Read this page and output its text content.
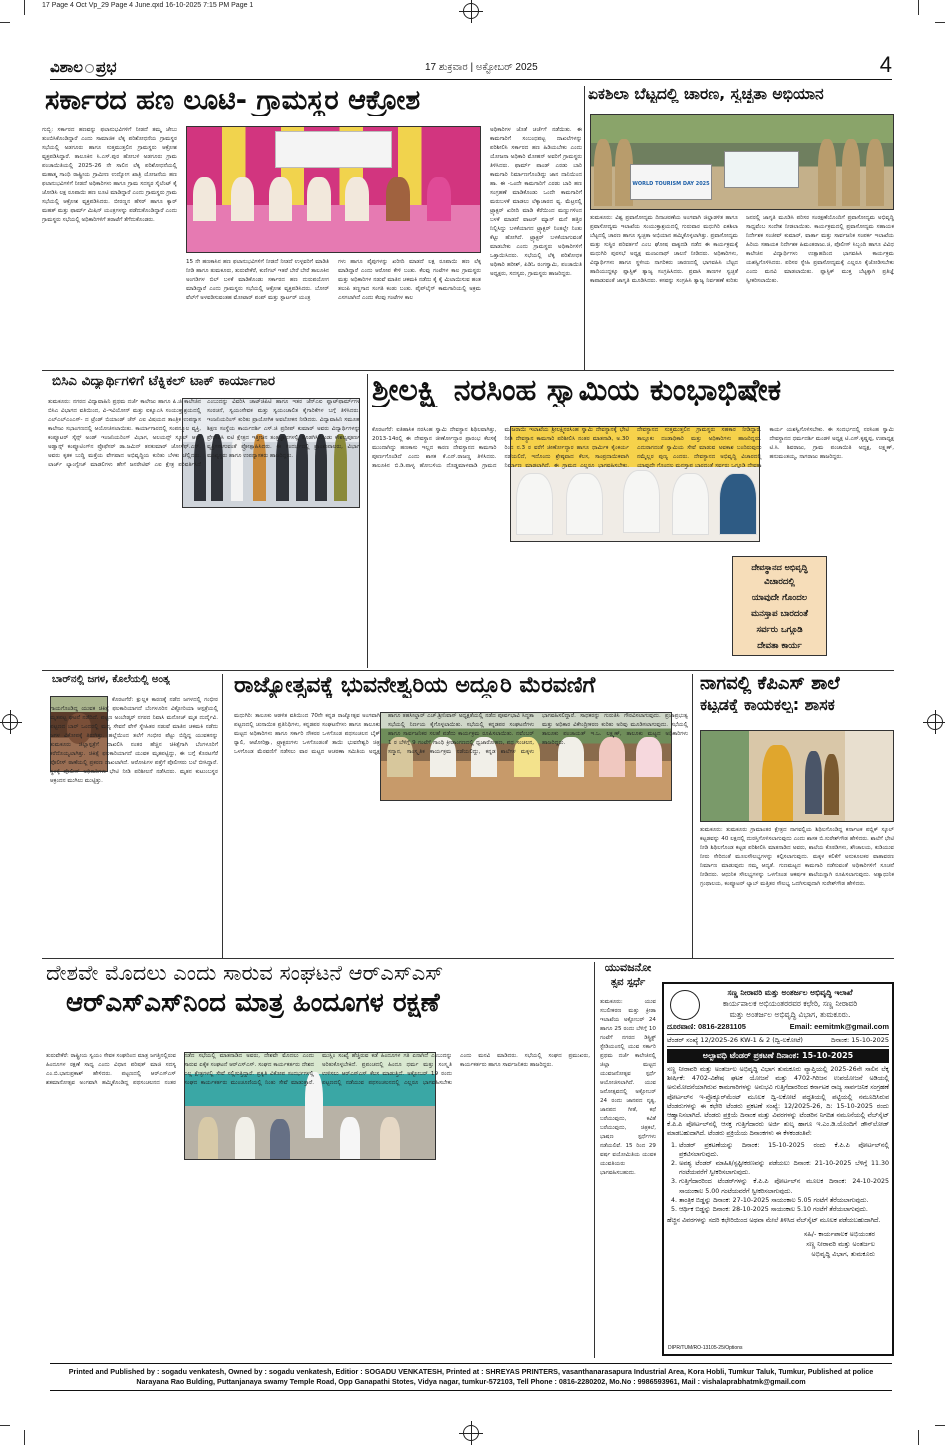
17 Page 4 Oct Vp_29 Page 4 June.qxd 16-10-2025 7:15 PM Page 1
ವಿಶಾಲ ಪ್ರಭ	17 ಶುಕ್ರವಾರ | ಅಕ್ಟೋಬರ್ 2025	4
ಸರ್ಕಾರದ ಹಣ ಲೂಟಿ- ಗ್ರಾಮಸ್ಥರ ಆಕ್ರೋಶ
ಗುಬ್ಬಿ: ಸರ್ಕಾರದ ಹಣವನ್ನು ಫಲಾನುಭವಿಗಳಿಗೆ ನೀಡದೆ ತಮ್ಮ ಜೇಬು ತುಂಬಿಸಿಕೊಂಡಿದ್ದಾರೆ ಎಂದು ಸಾಮಾಜಿಕ ಲೆಕ್ಕ ಪರಿಶೋಧನೆಯ ಗ್ರಾಮಸ್ಥರ ಸಭೆಯಲ್ಲಿ ಅಡಗೂರು ಹಾಗೂ ಸುತ್ತಮುತ್ತಲಿನ ಗ್ರಾಮಸ್ಥರು ಆಕ್ರೋಶ ವ್ಯಕ್ತಪಡಿಸಿದ್ದಾರೆ. ತಾಲೂಕಿನ ಸಿ.ಎಸ್.ಪುರ ಹೋಬಳಿ ಅಡಗೂರು ಗ್ರಾಮ ಪಂಚಾಯಿತಿಯಲ್ಲಿ 2025-26 ನೇ ಸಾಲಿನ ಲೆಕ್ಕ ಪರಿಶೋಧನೆಯಲ್ಲಿ ಮಹಾತ್ಮ ಗಾಂಧಿ ರಾಷ್ಟ್ರೀಯ ಗ್ರಾಮೀಣ ಉದ್ಯೋಗ ಖಾತ್ರಿ ಯೋಜನೆಯ ಹಣ ಫಲಾನುಭವಿಗಳಿಗೆ ನೀಡದೆ ಅಧಿಕಾರಿಗಳು ಹಾಗೂ ಗ್ರಾಮ ಸದಸ್ಯರ ಸೈಲೆಂಟ್ ಕೈ ಜೋಡಿಸಿ ಲಕ್ಷ ರೂಪಾಯಿ ಹಣ ಲೂಟಿ ಮಾಡಿದ್ದಾರೆ ಎಂದು ಗ್ರಾಮಸ್ಥರು ಗ್ರಾಮ ಸಭೆಯಲ್ಲಿ ಆಕ್ರೋಶ ವ್ಯಕ್ತಪಡಿಸಿದರು. ಬೀರಣ್ಣನ ಹೆಸರ್ ಹಾಗೂ ಕ್ಯಾರ್ ಮಹತ್ ಮತ್ತು ಫಾರ್ಮ್ ಮಿಷಿನ್ ಯಂತ್ರಗಳನ್ನು ಪಡೆದುಕೊಂಡಿದ್ದಾರೆ ಎಂದು ಗ್ರಾಮಸ್ಥರು ಸಭೆಯಲ್ಲಿ ಅಧಿಕಾರಿಗಳಿಗೆ ತರಾಟೆಗೆ ತೆಗೆದುಕೊಂಡರು.
15 ನೇ ಹಣಕಾಸಿನ ಹಣ ಫಲಾನುಭವಿಗಳಿಗೆ ನೀಡದೆ ನೀಡದೆ ಉಳ್ಳವರಿಗೆ ಮಾಡಿತಿ ನೀಡಿ ಹಾಗೂ ತುಮಕೂರು, ತುರುವೇಕೆರೆ, ಕುಣಿಗಲ್ ಇತರೆ ಬೇರೆ ಬೇರೆ ತಾಲೂಕಿನ ಅಂಗಡಿಗಳ ಬಿಲ್ ಬಳಕೆ ಮಾಡಿಕೊಂಡು ಸರ್ಕಾರದ ಹಣ ದುರುಪಯೋಗ ಮಾಡಿದ್ದಾರೆ ಎಂದು ಗ್ರಾಮಸ್ಥರು ಸಭೆಯಲ್ಲಿ ಆಕ್ರೋಶ ವ್ಯಕ್ತಪಡಿಸಿದರು. ಬೋರ್ ವೆಲ್‌ಗೆ ಅಳವಡಿಸುವಂತಹ ಮೋಟಾರ್ ಪಂಪ್ ಮತ್ತು ಸ್ಟಾರ್ಟರ್ ಯಂತ್ರ
ಗಳು ಹಾಗೂ ಪೈಪುಗಳನ್ನು ಖರೀದಿ ಮಾಡದೆ ಲಕ್ಷ ರೂಪಾಯಿ ಹಣ ಲೆಕ್ಕ ಮಾಡಿದ್ದಾರೆ ಎಂದು ಆರೋಪ ಕೇಳಿ ಬಂತು. ಕೆಲವು ಗಂಟೆಗಳ ಕಾಲ ಗ್ರಾಮಸ್ಥರು ಮತ್ತು ಅಧಿಕಾರಿಗಳ ನಡುವೆ ಮಾತಿನ ಚಕಮಕಿ ನಡೆದು ಕೈ ಕೈ ಮಿಲಾಯಿಸುವ ಹಂತ ತಲುಪಿ ತಣ್ಣಗಾದ ಸಂಗತಿ ಕಂಡು ಬಂತು. ಪೈಪ್‌ಲೈನ್ ಕಾಮಗಾರಿಯಲ್ಲಿ ಅಕ್ರಮ ಎಸಗಲಾಗಿದೆ ಎಂದು ಕೆಲವು ಗಂಟೆಗಳ ಕಾಲ
ಅಧಿಕಾರಿಗಳ ಜೊತೆ ಚರ್ಚೆಗೆ ನಡೆಯಿತು. ಈ ಕಾಮಗಾರಿಗೆ ಸಂಬಂಧಪಟ್ಟ ದಾಖಲೆಗಳನ್ನು ಪರಿಶೀಲಿಸಿ ಸರ್ಕಾರದ ಹಣ ಹಿಡಿಯಬೇಕು ಎಂದು ಯೋಜನಾ ಅಧಿಕಾರಿ ಮೋಹನ್ ಅವರಿಗೆ ಗ್ರಾಮಸ್ಥರು ತಿಳಿಸಿದರು. ಫಾರ್ಮ್ ಪಾಂಡ್ ಎರಡು ಬಾರಿ ಕಾಮಗಾರಿ ನಿರ್ಮಾಣಗೊಂಡಿದ್ದು ಜಾನ ದಾನಿಯಿಂದ ಹಾ. ಈ -ಒಂದೇ ಕಾಮಗಾರಿಗೆ ಎರಡು ಬಾರಿ ಹಣ ಸಂಗ್ರಹಣೆ ಮಾಡಿಕೊಂಡು ಒಂದೇ ಕಾಮಗಾರಿಗೆ ಮರುಬಳಕೆ ಮಾಡಲು ಲೆಕ್ಕಾಚಾರದ ವ್ಯ. ಮೆಟ್ರನಲ್ಲಿ ಟ್ರ್ಯಾಕ್ಟರ್ ಖರೀದಿ ಮಾಡಿ ಕೆರೆಯಿಂದ ಮಣ್ಣುಗಳಿಂದ ಬಳಕೆ ಮಾಡದೆ ವಾಟರ್ ಮ್ಯಾನ್ ಮನೆ ಹತ್ತಿರ ನಿಲ್ಲಿಸಿದ್ದು ಬಳಕೆಯಾಗದ ಟ್ರ್ಯಾಕ್ಟರ್ ನಿಂತಲ್ಲೇ ನಿಂತು ಕೆಟ್ಟು ಹೋಗಿದೆ. ಟ್ರ್ಯಾಕ್ಟರ್ ಬಳಕೆಯಾಗುವಂತೆ ಮಾಡಬೇಕು ಎಂದು ಗ್ರಾಮಸ್ಥರು ಅಧಿಕಾರಿಗಳಿಗೆ ಒತ್ತಾಯಿಸಿದರು. ಸಭೆಯಲ್ಲಿ ಲೆಕ್ಕ ಪರಿಶೋಧಕ ಅಧಿಕಾರಿ ಹರೀಶ್, ಪಿಡಿಓ ರಂಗಸ್ವಾಮಿ, ಪಂಚಾಯಿತಿ ಅಧ್ಯಕ್ಷರು, ಸದಸ್ಯರು, ಗ್ರಾಮಸ್ಥರು ಹಾಜರಿದ್ದರು.
ಏಕಶಿಲಾ ಬೆಟ್ಟದಲ್ಲಿ ಚಾರಣ, ಸ್ವಚ್ಛತಾ ಅಭಿಯಾನ
WORLD TOURISM DAY 2025
ತುಮಕೂರು: ವಿಶ್ವ ಪ್ರವಾಸೋದ್ಯಮ ದಿನಾಚರಣೆಯ ಅಂಗವಾಗಿ ಜಿಲ್ಲಾಡಳಿತ ಹಾಗೂ ಪ್ರವಾಸೋದ್ಯಮ ಇಲಾಖೆಯ ಸಂಯುಕ್ತಾಶ್ರಯದಲ್ಲಿ ಗುರುವಾರ ಮಧುಗಿರಿ ಏಕಶಿಲಾ ಬೆಟ್ಟದಲ್ಲಿ ಚಾರಣ ಹಾಗೂ ಸ್ವಚ್ಛತಾ ಅಭಿಯಾನ ಹಮ್ಮಿಕೊಳ್ಳಲಾಗಿತ್ತು. ಪ್ರವಾಸೋದ್ಯಮ ಮತ್ತು ಸುಸ್ಥಿರ ಪರಿವರ್ತನೆ ಎಂಬ ಘೋಷ ವಾಕ್ಯದಡಿ ನಡೆದ ಈ ಕಾರ್ಯಕ್ರಮಕ್ಕೆ ಮಧುಗಿರಿ ಪುರಸಭೆ ಅಧ್ಯಕ್ಷ ಮಂಜುನಾಥ್ ಚಾಲನೆ ನೀಡಿದರು. ಅಧಿಕಾರಿಗಳು, ವಿದ್ಯಾರ್ಥಿಗಳು ಹಾಗೂ ಸ್ಥಳೀಯ ನಾಗರಿಕರು ಚಾರಣದಲ್ಲಿ ಭಾಗವಹಿಸಿ ಬೆಟ್ಟದ ಹಾದಿಯುದ್ದಕ್ಕೂ ಪ್ಲಾಸ್ಟಿಕ್ ತ್ಯಾಜ್ಯ ಸಂಗ್ರಹಿಸಿದರು. ಪ್ರವಾಸಿ ತಾಣಗಳ ಸ್ವಚ್ಛತೆ ಕಾಪಾಡುವಂತೆ ಜಾಗೃತಿ ಮೂಡಿಸಿದರು. ಕಸವನ್ನು ಸಂಗ್ರಹಿಸಿ ತ್ಯಾಜ್ಯ ನಿರ್ವಹಣೆ ಕುರಿತು ಜನರಲ್ಲಿ ಜಾಗೃತಿ ಮೂಡಿಸಿ ಪರಿಸರ ಸಂರಕ್ಷಣೆಯೊಂದಿಗೆ ಪ್ರವಾಸೋದ್ಯಮ ಅಭಿವೃದ್ಧಿ ಸಾಧ್ಯವೆಂಬ ಸಂದೇಶ ನೀಡಲಾಯಿತು. ಕಾರ್ಯಕ್ರಮದಲ್ಲಿ ಪ್ರವಾಸೋದ್ಯಮ ಸಹಾಯಕ ನಿರ್ದೇಶಕ ಸಂಜೀವ್ ಕುಮಾರ್, ವಾರ್ತಾ ಮತ್ತು ಸಾರ್ವಜನಿಕ ಸಂಪರ್ಕ ಇಲಾಖೆಯ ಹಿರಿಯ ಸಹಾಯಕ ನಿರ್ದೇಶಕ ಹಿಮಂತರಾಜು.ಜಿ, ಪೊಲೀಸ್ ಸಿಬ್ಬಂದಿ ಹಾಗೂ ವಿವಿಧ ಕಾಲೇಜಿನ ವಿದ್ಯಾರ್ಥಿಗಳು ಉತ್ಸಾಹದಿಂದ ಭಾಗವಹಿಸಿ ಕಾರ್ಯಕ್ರಮ ಯಶಸ್ವಿಗೊಳಿಸಿದರು. ಪರಿಸರ ಸ್ನೇಹಿ ಪ್ರವಾಸೋದ್ಯಮಕ್ಕೆ ಎಲ್ಲರೂ ಕೈಜೋಡಿಸಬೇಕು ಎಂದು ಮನವಿ ಮಾಡಲಾಯಿತು. ಪ್ಲಾಸ್ಟಿಕ್ ಮುಕ್ತ ಬೆಟ್ಟಕ್ಕಾಗಿ ಪ್ರತಿಜ್ಞೆ ಸ್ವೀಕರಿಸಲಾಯಿತು.
ಬಿಸಿಎ ವಿದ್ಯಾರ್ಥಿಗಳಿಗೆ ಟೆಕ್ನಿಕಲ್ ಟಾಕ್ ಕಾರ್ಯಾಗಾರ
ತುಮಕೂರು: ನಗರದ ವಿದ್ಯಾವಾಹಿನಿ ಪ್ರಥಮ ದರ್ಜೆ ಕಾಲೇಜು ಹಾಗೂ ಪಿ.ಜಿ ಕಾಲೇಜಿನ ಬಿಸಿಎ ವಿಭಾಗದ ವತಿಯಿಂದ, ವಿ-ಇವಿಯೋನ್ ಮತ್ತು ಐಕ್ಯೂಎಸಿ ಸಂಯುಕ್ತಾಶ್ರಯದಲ್ಲಿ ಎಲ್‌ಎಲ್‌ಎಂಎಸ್- ದ ಟ್ರೆಂಡ್ ಬಿಯಾಂಡ್ ಚೆನ್ ಎಐ ವಿಷಯದ ತಾಂತ್ರಿಕ ಉಪನ್ಯಾಸ ಕಾಲೇಜು ಸಭಾಂಗಣದಲ್ಲಿ ಆಯೋಜಿಸಲಾಯಿತು. ಕಾರ್ಯಾಗಾರದಲ್ಲಿ ಸಂಪನ್ಮೂಲ ವ್ಯಕ್ತಿ, ಕಂಪ್ಯೂಟರ್ ಸೈನ್ಸ್ ಅಂಡ್ ಇಂಜನಿಯರಿಂಗ್ ವಿಭಾಗ, ಅಲಯನ್ಸ್ ಸ್ಕೂಲ್ ಆಫ್ ಅಡ್ವಾನ್ಸ್ ಕಂಪ್ಯೂಟಿಂಗ್‌ನ ಪ್ರೊಫೆಸರ್ ಡಾ.ಜಮಿನ್ ತನಕುಮಾರ್ ಜೋಸೆಫ್.ಎನ್. ಅವರು ಕೃತಕ ಬುದ್ಧಿ ಮತ್ತೆಯ ವೇಗವಾದ ಅಭಿವೃದ್ಧಿಯ ಕುರಿತು ಬೆಳಕು ಚೆಲ್ಲಿದರು. ಲಾರ್ಜ್ ಲ್ಯಾಂಗ್ವೇಜ್ ಮಾಡಲಿಗಳು ಹೇಗೆ ಜನರೇಟಿವ್ ಎಐ ಕ್ಷೇತ್ರ ಪರಿವರ್ತಿಸಿದೆ ಎಂಬುದನ್ನು ವಿವರಿಸಿ ಚಾಟ್‌ಜಿಪಿಟಿ ಹಾಗೂ ಇತರ ಜೆನ್‌ಎಐ ಪ್ಲಾಟ್‌ಫಾರ್ಮ್‌ಗಳ ಸಂರಚನೆ, ಸ್ವಯಂಸೇವಕ ಮತ್ತು ಸ್ವಯಂಚಾಲಿತ ಕೈಗಾರಿಕೆಗಳ ಬಗ್ಗೆ ತಿಳಿಸಿದರು. ಇಂಜನಿಯರಿಂಗ್ ಕುರಿತು ಪ್ರಾಯೋಗಿಕ ಅವಲೋಕನ ನೀಡಿದರು. ವಿದ್ಯಾವಾಹಿನಿ ಸಮೂಹ ಶಿಕ್ಷಣ ಸಂಸ್ಥೆಯ ಕಾರ್ಯದರ್ಶಿ ಎಸ್.ಜಿ ಪ್ರದೀಪ್ ಕುಮಾರ್ ಅವರು ವಿದ್ಯಾರ್ಥಿಗಳನ್ನು ಪ್ರೇರೇಪಿಸಿ ಐಟಿ ಕ್ಷೇತ್ರದ ಇತ್ತೀಚಿನ ತಂತ್ರಜ್ಞಾನಗಳಲ್ಲಿ ತೊಡಗಿಸಿಕೊಂಡು ಕೌಶಲ್ಯಪೂರ್ಣ ವ್ಯಕ್ತಿಗಳಾಗುವಂತೆ ಪ್ರೋತ್ಸಾಹಿಸಿದರು. ಈ ಸಂದರ್ಭದಲ್ಲಿ ಪ್ರಾಂಶುಪಾಲರು, ವಿಭಾಗ ಮುಖ್ಯಸ್ಥರು ಹಾಗೂ ಉಪನ್ಯಾಸಕರು ಹಾಜರಿದ್ದರು.
ಶ್ರೀಲಕ್ಷ್ಮಿ ನರಸಿಂಹ ಸ್ವಾಮಿಯ ಕುಂಭಾಭಿಷೇಕ
ಕೊರಟಗೆರೆ: ಐತಿಹಾಸಿಕ ನರಸಿಂಹ ಸ್ವಾಮಿ ದೇವಸ್ಥಾನ ಶಿಥಿಲವಾಗಿತ್ತು, 2013-14ರಲ್ಲಿ ಈ ದೇವಸ್ಥಾನ ಜೀರ್ಣೋದ್ಧಾರ ಪ್ರಾರಂಭ ಕೆಲಸಕ್ಕೆ ಮುಂದಾಗಿದ್ದು ಹಣಕಾಸು ಇಲ್ಲದ ಕಾರಣ ದೇವಸ್ಥಾನದ ಕಾಮಗಾರಿ ಪೂರ್ಣಗೊಂಡಿದೆ ಎಂದು ಶಾಸಕ ಕೆ.ಎನ್.ರಾಜಣ್ಣ ತಿಳಿಸಿದರು. ತಾಲೂಕಿನ ಬಿ.ಡಿ.ಪಾಳ್ಯ ಹೋಬಳಿಯ ದೊಡ್ಡಮಾಳವಾಡಿ ಗ್ರಾಮದ ಮುಜರಾಯಿ ಇಲಾಖೆಯ ಶ್ರೀಲಕ್ಷ್ಮಿನರಸಿಂಹ ಸ್ವಾಮಿ ದೇವಸ್ಥಾನಕ್ಕೆ ಭೇಟಿ ನೀಡಿ ದೇವಸ್ಥಾನ ಕಾಮಗಾರಿ ಪರಿಶೀಲಿಸಿ ನಂತರ ಮಾತನಾಡಿ, ಅ.30 ರಿಂದ ನ.3 ರ ವರೆಗೆ ಜೀರ್ಣೋದ್ಧಾರ ಹಾಗೂ ಧಾರ್ಮಿಕ ಕೈಂಕರ್ಯ ನಡೆಯಲಿದೆ, ಇದೊಂದು ಶ್ರೇಷ್ಠವಾದ ಕೆಲಸ, ಸಾಂಪ್ರದಾಯಿಕವಾಗಿ ನಿರ್ಮಾಣ ಮಾಡಲಾಗಿದೆ. ಈ ಗ್ರಾಮದ ಎಲ್ಲರೂ ಭಾಗವಹಿಸಬೇಕು. ದೇವಸ್ಥಾನದ ಸುತ್ತಮುತ್ತಲಿನ ಗ್ರಾಮಸ್ಥರು ಸಹಕಾರ ನೀಡಿದ್ದಾರೆ. ತಾಲ್ಲೂಕು ದಂಡಾಧಿಕಾರಿ ಮತ್ತು ಅಧಿಕಾರಿಗಳು ಹಾಜರಿದ್ದರು. ಎದುರಾಗದಂತೆ ಸ್ವಾಮಿಯ ಸೇವೆ ಮಾಡುವ ಅವಕಾಶ ಬಂದಿರುವುದು ನಮ್ಮೆಲ್ಲರ ಪುಣ್ಯ ಎಂದರು. ದೇವಸ್ಥಾನದ ಅಭಿವೃದ್ಧಿ ವಿಚಾರದಲ್ಲಿ ಯಾವುದೇ ಗೊಂದಲ ಮನಸ್ತಾಪ ಬಾರದಂತೆ ಸರ್ವರು ಒಗ್ಗೂಡಿ ದೇವತಾ ಕಾರ್ಯ ಯಶಸ್ವಿಗೊಳಿಸಬೇಕು. ಈ ಸಂದರ್ಭದಲ್ಲಿ ನರಸಿಂಹ ಸ್ವಾಮಿ ದೇವಸ್ಥಾನದ ಧರ್ಮದರ್ಶಿ ಮಂಡಳಿ ಅಧ್ಯಕ್ಷ ಟಿ.ಎಸ್.ಕೃಷ್ಣಪ್ಪ, ಉಪಾಧ್ಯಕ್ಷ ಟಿ.ಸಿ. ಶಿವರಾಜು, ಗ್ರಾಮ ಪಂಚಾಯಿತಿ ಅಧ್ಯಕ್ಷ, ಲಕ್ಷ್ಮಣ್, ಹನುಮಂತಯ್ಯ, ನಾಗರಾಜು ಹಾಜರಿದ್ದರು.
ದೇವಸ್ಥಾನದ ಅಭಿವೃದ್ಧಿ
ವಿಚಾರದಲ್ಲಿ
ಯಾವುದೇ ಗೊಂದಲ
ಮನಸ್ತಾಪ ಬಾರದಂತೆ
ಸರ್ವರು ಒಗ್ಗೂಡಿ
ದೇವತಾ ಕಾರ್ಯ
ಬಾರ್‌ನಲ್ಲಿ ಜಗಳ, ಕೊಲೆಯಲ್ಲಿ ಅಂತ್ಯ
ಕೊರಟಗೆರೆ: ಕ್ಷುಲ್ಲಕ ಕಾರಣಕ್ಕೆ ನಡೆದ ಜಗಳದಲ್ಲಿ ಗಂಭೀರ ಗಾಯಗೊಂಡಿದ್ದ ಯುವಕ ಚಿಕಿತ್ಸೆ ಫಲಕಾರಿಯಾಗದೆ ಬೆಂಗಳೂರಿನ ವಿಕ್ಟೋರಿಯಾ ಆಸ್ಪತ್ರೆಯಲ್ಲಿ ಮೃತಪಟ್ಟ ಘಟನೆ ನಡೆದಿದೆ. ಪಟ್ಟಣ ಅಂಬೇಡ್ಕರ್ ನಗರದ ನಿವಾಸಿ ಮನೋಜ್ ಮೃತ ದುರ್ದೈವಿ. ಪಟ್ಟಣದ ಬಾರ್ ಒಂದರಲ್ಲಿ ಮದ್ಯ ಸೇವನೆ ವೇಳೆ ಸ್ನೇಹಿತರ ನಡುವೆ ಮಾತಿನ ಚಕಮಕಿ ನಡೆದು ಜಗಳ ವಿಕೋಪಕ್ಕೆ ತಿರುಗಿತ್ತು. ಹಲ್ಲೆಯಿಂದ ತಲೆಗೆ ಗಂಭೀರ ಪೆಟ್ಟು ಬಿದ್ದಿದ್ದ ಯುವಕನನ್ನು ತುಮಕೂರು ಜಿಲ್ಲಾಸ್ಪತ್ರೆಗೆ ದಾಖಲಿಸಿ ನಂತರ ಹೆಚ್ಚಿನ ಚಿಕಿತ್ಸೆಗಾಗಿ ಬೆಂಗಳೂರಿಗೆ ಕರೆದೊಯ್ಯಲಾಗಿತ್ತು. ಚಿಕಿತ್ಸೆ ಫಲಕಾರಿಯಾಗದೆ ಯುವಕ ಮೃತಪಟ್ಟಿದ್ದು, ಈ ಬಗ್ಗೆ ಕೊರಟಗೆರೆ ಪೊಲೀಸ್ ಠಾಣೆಯಲ್ಲಿ ಪ್ರಕರಣ ದಾಖಲಾಗಿದೆ. ಆರೋಪಿಗಳ ಪತ್ತೆಗೆ ಪೊಲೀಸರು ಬಲೆ ಬೀಸಿದ್ದಾರೆ. ಸ್ಥಳಕ್ಕೆ ಪೊಲೀಸ್ ಅಧಿಕಾರಿಗಳು ಭೇಟಿ ನೀಡಿ ಪರಿಶೀಲನೆ ನಡೆಸಿದರು. ಮೃತನ ಕುಟುಂಬಸ್ಥರ ಆಕ್ರಂದನ ಮುಗಿಲು ಮುಟ್ಟಿತ್ತು.
ರಾಜ್ಯೋತ್ಸವಕ್ಕೆ ಭುವನೇಶ್ವರಿಯ ಅದ್ದೂರಿ ಮೆರವಣಿಗೆ
ಮಧುಗಿರಿ: ತಾಲೂಕು ಆಡಳಿತ ವತಿಯಿಂದ 70ನೇ ಕನ್ನಡ ರಾಜ್ಯೋತ್ಸವ ಅಂಗವಾಗಿ ಪಟ್ಟಣದಲ್ಲಿ ಚುನಾಯಿತ ಪ್ರತಿನಿಧಿಗಳು, ಕನ್ನಡಪರ ಸಂಘಟನೆಗಳು ಹಾಗೂ ತಾಲೂಕು ಮಟ್ಟದ ಅಧಿಕಾರಿಗಳು ಹಾಗೂ ಸರ್ಕಾರಿ ನೌಕರರ ಒಳಗೊಂಡ ಪಥಸಂಚಲನ ಬೈಕ್ ರ್‍ಯಾಲಿ, ಆಟೋರಿಕ್ಷಾ, ಟ್ರ್ಯಾಕ್ಟರುಗಳು ಒಳಗೊಂಡಂತೆ ತಾಯಿ ಭುವನೇಶ್ವರಿ ಚಿತ್ರ ಒಳಗೊಂಡ ಮೆರವಣಿಗೆ ನಡೆಸಲು ವಾರ ಮಟ್ಟದ ಆಚರಣಾ ಸಮಿತಿಯ ಅಧ್ಯಕ್ಷ ಹಾಗೂ ತಹಸೀಲ್ದಾರ್ ಎಚ್.ಶ್ರೀನಿವಾಸ್ ಅಧ್ಯಕ್ಷತೆಯಲ್ಲಿ ನಡೆದ ಪೂರ್ವಭಾವಿ ಸಿದ್ಧತಾ ಸಭೆಯಲ್ಲಿ ನಿರ್ಣಯ ಕೈಗೊಳ್ಳಲಾಯಿತು. ಸಭೆಯಲ್ಲಿ ಕನ್ನಡಪರ ಸಂಘಟನೆಗಳು ಹಾಗೂ ಸಾರ್ವಜನಿಕರ ಸಲಹೆ ಪಡೆದು ಕಾರ್ಯಕ್ರಮ ರೂಪಿಸಲಾಯಿತು. ನವೆಂಬರ್ 1 ರ ಬೆಳಿಗ್ಗೆ 9 ಗಂಟೆಗೆ ಗಾಂಧಿ ಕ್ರೀಡಾಂಗಣದಲ್ಲಿ ಧ್ವಜಾರೋಹಣ, ಪಥ ಸಂಚಲನ, ಸನ್ಮಾನ, ಸಾಂಸ್ಕೃತಿಕ ಕಾರ್ಯಕ್ರಮ ನಡೆಯಲಿದ್ದು, ಕನ್ನಡ ಶಾಲೆಗಳ ಮಕ್ಕಳು ಭಾಗವಹಿಸಲಿದ್ದಾರೆ. ಸಾಧಕರನ್ನು ಗುರುತಿಸಿ ಗೌರವಿಸಲಾಗುವುದು. ಪ್ರಜಾಪ್ರಭುತ್ವ ಮತ್ತು ಅಧಿಕಾರ ವಿಕೇಂದ್ರೀಕರಣ ಕುರಿತು ಅರಿವು ಮೂಡಿಸಲಾಗುವುದು. ಸಭೆಯಲ್ಲಿ ತಾಲೂಕು ಪಂಚಾಯತ್ ಇ.ಒ. ಲಕ್ಷ್ಮಣ್, ತಾಲೂಕು ಮಟ್ಟದ ಅಧಿಕಾರಿಗಳು ಹಾಜರಿದ್ದರು.
ನಾಗವಲ್ಲಿ ಕೆಪಿಎಸ್ ಶಾಲೆ
ಕಟ್ಟಡಕ್ಕೆ ಕಾಯಕಲ್ಪ: ಶಾಸಕ
ತುಮಕೂರು: ತುಮಕೂರು ಗ್ರಾಮಾಂತರ ಕ್ಷೇತ್ರದ ನಾಗವಲ್ಲಿಯ ಶಿಥಿಲಗೊಂಡಿದ್ದ ಕರ್ನಾಟಕ ಪಬ್ಲಿಕ್ ಸ್ಕೂಲ್ ಕಟ್ಟಡವನ್ನು 40 ಲಕ್ಷದಲ್ಲಿ ದುರಸ್ತಿಗೊಳಿಸಲಾಗುವುದು ಎಂದು ಶಾಸಕ ಬಿ.ಸುರೇಶ್‌ಗೌಡ ಹೇಳಿದರು. ಶಾಲೆಗೆ ಭೇಟಿ ನೀಡಿ ಶಿಥಿಲಗೊಂಡ ಕಟ್ಟಡ ಪರಿಶೀಲಿಸಿ ಮಾತನಾಡಿದ ಅವರು, ಶಾಲೆಯ ಕೊಠಡಿಗಳು, ಶೌಚಾಲಯ, ಕುಡಿಯುವ ನೀರು ಸೇರಿದಂತೆ ಮೂಲಸೌಲಭ್ಯಗಳನ್ನು ಕಲ್ಪಿಸಲಾಗುವುದು. ಮಕ್ಕಳ ಕಲಿಕೆಗೆ ಅನುಕೂಲಕರ ವಾತಾವರಣ ನಿರ್ಮಾಣ ಮಾಡುವುದು ನಮ್ಮ ಆದ್ಯತೆ. ಗುಣಮಟ್ಟದ ಕಾಮಗಾರಿ ನಡೆಸುವಂತೆ ಅಧಿಕಾರಿಗಳಿಗೆ ಸೂಚನೆ ನೀಡಿದರು. ಆಧುನಿಕ ಸೌಲಭ್ಯಗಳನ್ನು ಒಳಗೊಂಡ ಆಕರ್ಷಕ ಶಾಲೆಯನ್ನಾಗಿ ರೂಪಿಸಲಾಗುವುದು. ಅತ್ಯಾಧುನಿಕ ಗ್ರಂಥಾಲಯ, ಕಂಪ್ಯೂಟರ್ ಲ್ಯಾಬ್ ಮತ್ತಿತರ ಸೌಲಭ್ಯ ಒದಗಿಸುವುದಾಗಿ ಸುರೇಶ್‌ಗೌಡ ಹೇಳಿದರು.
ದೇಶವೇ ಮೊದಲು ಎಂದು ಸಾರುವ ಸಂಘಟನೆ ಆರ್‌ಎಸ್‌ಎಸ್
ಆರ್‌ಎಸ್‌ಎಸ್‌ನಿಂದ ಮಾತ್ರ ಹಿಂದೂಗಳ ರಕ್ಷಣೆ
ತುರುವೇಕೆರೆ: ರಾಷ್ಟ್ರೀಯ ಸ್ವಯಂ ಸೇವಕ ಸಂಘದಿಂದ ಮಾತ್ರ ಜಗತ್ತಿನಲ್ಲಿರುವ ಹಿಂದೂಗಳ ರಕ್ಷಣೆ ಸಾಧ್ಯ ಎಂದು ವಿಧಾನ ಪರಿಷತ್ ಮಾಜಿ ಸದಸ್ಯ ಎಂ.ಬಿ.ಭಾನುಪ್ರಕಾಶ್ ಹೇಳಿದರು. ಪಟ್ಟಣದಲ್ಲಿ ಆರ್‌ಎಸ್‌ಎಸ್ ಶತಮಾನೋತ್ಸವ ಅಂಗವಾಗಿ ಹಮ್ಮಿಕೊಂಡಿದ್ದ ಪಥಸಂಚಲನದ ನಂತರ ನಡೆದ ಸಭೆಯಲ್ಲಿ ಮಾತನಾಡಿದ ಅವರು, ದೇಶವೇ ಮೊದಲು ಎಂದು ಸಾರುವ ಏಕೈಕ ಸಂಘಟನೆ ಆರ್‌ಎಸ್‌ಎಸ್. ಸಂಘದ ಕಾರ್ಯಕರ್ತರು ದೇಶದ ಎಲ್ಲ ಕ್ಷೇತ್ರಗಳಲ್ಲಿ ಸೇವೆ ಸಲ್ಲಿಸುತ್ತಿದ್ದಾರೆ. ಪ್ರಕೃತಿ ವಿಕೋಪ ಸಂದರ್ಭಗಳಲ್ಲಿ ಸಂಘದ ಕಾರ್ಯಕರ್ತರು ಮುಂಚೂಣಿಯಲ್ಲಿ ನಿಂತು ಸೇವೆ ಮಾಡುತ್ತಾರೆ. ಮುಸ್ಲಿಂ ಸಂಖ್ಯೆ ಹೆಚ್ಚಿರುವ ಕಡೆ ಹಿಂದೂಗಳ ಗತಿ ಏನಾಗಿದೆ ಎಂಬುದನ್ನು ಅರಿತುಕೊಳ್ಳಬೇಕಿದೆ. ಪ್ರಪಂಚದಲ್ಲಿ ಹಿಂದೂ ಧರ್ಮ ಮತ್ತು ಸಂಸ್ಕೃತಿ ಉಳಿಸಲು ಆರ್‌ಎಸ್‌ಎಸ್ ಕೆಲಸ ಮಾಡುತ್ತಿದೆ. ಅಕ್ಟೋಬರ್ 19 ರಂದು ಪಟ್ಟಣದಲ್ಲಿ ನಡೆಯುವ ಪಥಸಂಚಲನದಲ್ಲಿ ಎಲ್ಲರೂ ಭಾಗವಹಿಸಬೇಕು ಎಂದು ಮನವಿ ಮಾಡಿದರು. ಸಭೆಯಲ್ಲಿ ಸಂಘದ ಪ್ರಮುಖರು, ಕಾರ್ಯಕರ್ತರು ಹಾಗೂ ಸಾರ್ವಜನಿಕರು ಹಾಜರಿದ್ದರು.
ಯುವಜನೋ
ತ್ಸವ ಸ್ಪರ್ಧೆ
ತುಮಕೂರು: ಯುವ ಸಬಲೀಕರಣ ಮತ್ತು ಕ್ರೀಡಾ ಇಲಾಖೆಯ ಅಕ್ಟೋಬರ್ 24 ಹಾಗೂ 25 ರಂದು ಬೆಳಿಗ್ಗೆ 10 ಗಂಟೆಗೆ ನಗರದ ಡಿಸ್ಟ್ರಿಕ್ಟ್ ಸ್ಟೇಡಿಯಂನಲ್ಲಿ ಯುವ ಸರ್ಕಾರಿ ಪ್ರಥಮ ದರ್ಜೆ ಕಾಲೇಜಿನಲ್ಲಿ ಜಿಲ್ಲಾ ಮಟ್ಟದ ಯುವಜನೋತ್ಸವ ಸ್ಪರ್ಧೆ ಆಯೋಜಿಸಲಾಗಿದೆ. ಯುವ ಜನೋತ್ಸವದಲ್ಲಿ ಅಕ್ಟೋಬರ್ 24 ರಂದು ಜಾನಪದ ನೃತ್ಯ, ಜಾನಪದ ಗೀತೆ, ಕಥೆ ಬರೆಯುವುದು, ಕವಿತೆ ಬರೆಯುವುದು, ಚಿತ್ರಕಲೆ, ಭಾಷಣ ಸ್ಪರ್ಧೆಗಳು ನಡೆಯಲಿವೆ. 15 ರಿಂದ 29 ವರ್ಷ ವಯೋಮಿತಿಯ ಯುವಕ ಯುವತಿಯರು ಭಾಗವಹಿಸಬಹುದು.
ಸಣ್ಣ ನೀರಾವರಿ ಮತ್ತು ಅಂತರ್ಜಲ ಅಭಿವೃದ್ಧಿ ಇಲಾಖೆ
ಕಾರ್ಯಪಾಲಕ ಅಭಿಯಂತರರವರ ಕಛೇರಿ, ಸಣ್ಣ ನೀರಾವರಿ
ಮತ್ತು ಅಂತರ್ಜಲ ಅಭಿವೃದ್ಧಿ ವಿಭಾಗ, ತುಮಕೂರು.
ದೂರವಾಣಿ: 0816-2281105	Email: eemitmk@gmail.com
ಟೆಂಡರ್ ಸಂಖ್ಯೆ 12/2025-26 KW-1 & 2 (ದ್ವಿ-ಲಕೋಟೆ)	ದಿನಾಂಕ: 15-10-2025
ಅಲ್ಪಾವಧಿ ಟೆಂಡರ್ ಪ್ರಕಟಣೆ ದಿನಾಂಕ: 15-10-2025
ಸಣ್ಣ ನೀರಾವರಿ ಮತ್ತು ಅಂತರ್ಜಲ ಅಭಿವೃದ್ಧಿ ವಿಭಾಗ ತುಮಕೂರು ವ್ಯಾಪ್ತಿಯಲ್ಲಿ 2025-26ನೇ ಸಾಲಿನ ಲೆಕ್ಕ ಶೀರ್ಷಿಕೆ: 4702-ವಿಶೇಷ ಘಟಕ ಯೋಜನೆ ಮತ್ತು 4702-ಗಿರಿಜನ ಉಪಯೋಜನೆ ಅಡಿಯಲ್ಲಿ ಅನುಮೋದನೆಯಾಗಿರುವ ಕಾಮಗಾರಿಗಳನ್ನು ಅನುಭವಿ ಗುತ್ತಿಗೆದಾರರಿಂದ ಕರ್ನಾಟಕ ರಾಜ್ಯ ಸಾರ್ವಜನಿಕ ಸಂಗ್ರಹಣೆ ಪೋರ್ಟಲ್‌ನ ಇ-ಪ್ರೊಕ್ಯೂರ್‌ಮೆಂಟ್ ಮೂಲಕ ದ್ವಿ-ಲಕೋಟೆ ಪದ್ಧತಿಯಲ್ಲಿ ಪಟ್ಟಿಯಲ್ಲಿ ನಮೂದಿಸಿರುವ ಟೆಂಡರುಗಳನ್ನು ಈ ಕಛೇರಿ ಟೆಂಡರು ಪ್ರಕಟಣೆ ಸಂಖ್ಯೆ: 12/2025-26, ದಿ: 15-10-2025 ರಂದು ಆಹ್ವಾನಿಸಲಾಗಿದೆ. ಟೆಂಡರು ಪ್ರಕ್ರಿಯೆ ದಿನಾಂಕ ಮತ್ತು ವಿವರಗಳನ್ನು ಟೆಂಡರಿನ ನಿಗದಿತ ನಮೂನೆಯಲ್ಲಿ ವೆಬ್‌ಸೈಟ್ ಕೆ.ಪಿ.ಪಿ ಪೋರ್ಟಲ್‌ನಲ್ಲಿ ಆಸಕ್ತ ಗುತ್ತಿಗೆದಾರರು ಅರ್ಜಿ ಶುಲ್ಕ ಹಾಗೂ ಇ.ಎಂ.ಡಿ.ಯೊಂದಿಗೆ ಡೌನ್‌ಲೋಡ್ ಮಾಡಬಹುದಾಗಿದೆ. ಟೆಂಡರು ಪ್ರಕ್ರಿಯೆಯ ದಿನಾಂಕಗಳು ಈ ಕೆಳಕಂಡಂತಿವೆ:
1. ಟೆಂಡರ್ ಪ್ರಕಟಣೆಯನ್ನು ದಿನಾಂಕ: 15-10-2025 ರಂದು ಕೆ.ಪಿ.ಪಿ ಪೋರ್ಟಲ್‌ನಲ್ಲಿ ಪ್ರಕಟಿಸಲಾಗುವುದು.
2. ಅವಶ್ಯ ಟೆಂಡರ್ ಮಾಹಿತಿ/ಸ್ಪಷ್ಟೀಕರಣವನ್ನು ಪಡೆಯಲು ದಿನಾಂಕ: 21-10-2025 ಬೆಳಿಗ್ಗೆ 11.30 ಗಂಟೆಯವರೆಗೆ ಸ್ವೀಕರಿಸಲಾಗುವುದು.
3. ಗುತ್ತಿಗೆದಾರರಿಂದ ಟೆಂಡರ್‌ಗಳನ್ನು ಕೆ.ಪಿ.ಪಿ ಪೋರ್ಟಲ್‌ನ ಮೂಲಕ ದಿನಾಂಕ: 24-10-2025 ಸಾಯಂಕಾಲ 5.00 ಗಂಟೆಯವರೆಗೆ ಸ್ವೀಕರಿಸಲಾಗುವುದು.
4. ತಾಂತ್ರಿಕ ಬಿಡ್ಡನ್ನು ದಿನಾಂಕ: 27-10-2025 ಸಾಯಂಕಾಲ 5.05 ಗಂಟೆಗೆ ತೆರೆಯಲಾಗುವುದು.
5. ಆರ್ಥಿಕ ಬಿಡ್ಡನ್ನು ದಿನಾಂಕ: 28-10-2025 ಸಾಯಂಕಾಲ 5.10 ಗಂಟೆಗೆ ತೆರೆಯಲಾಗುವುದು.
ಹೆಚ್ಚಿನ ವಿವರಗಳನ್ನು ಸದರಿ ಕಛೇರಿಯಿಂದ ಅಥವಾ ಮೇಲೆ ತಿಳಿಸಿದ ವೆಬ್‌ಸೈಟ್ ಮೂಲಕ ಪಡೆಯಬಹುದಾಗಿದೆ.
ಸಹಿ/- ಕಾರ್ಯಪಾಲಕ ಅಭಿಯಂತರ
ಸಣ್ಣ ನೀರಾವರಿ ಮತ್ತು ಅಂತರ್ಜಲ
ಅಭಿವೃದ್ಧಿ ವಿಭಾಗ, ತುಮಕೂರು
DIPR/TUM/RO-13105-25/Options
Printed and Published by : sogadu venkatesh, Owned by : sogadu venkatesh, Editior : SOGADU VENKATESH, Printed at : SHREYAS PRINTERS, vasanthanarasapura Industrial Area, Kora Hobli, Tumkur Taluk, Tumkur, Published at police
Narayana Rao Bulding, Puttanjanaya swamy Temple Road, Opp Ganapathi Stotes, Vidya nagar, tumkur-572103, Tell Phone : 0816-2280202, Mo.No : 9986593961, Mail : vishalaprabhatmk@gmail.com
